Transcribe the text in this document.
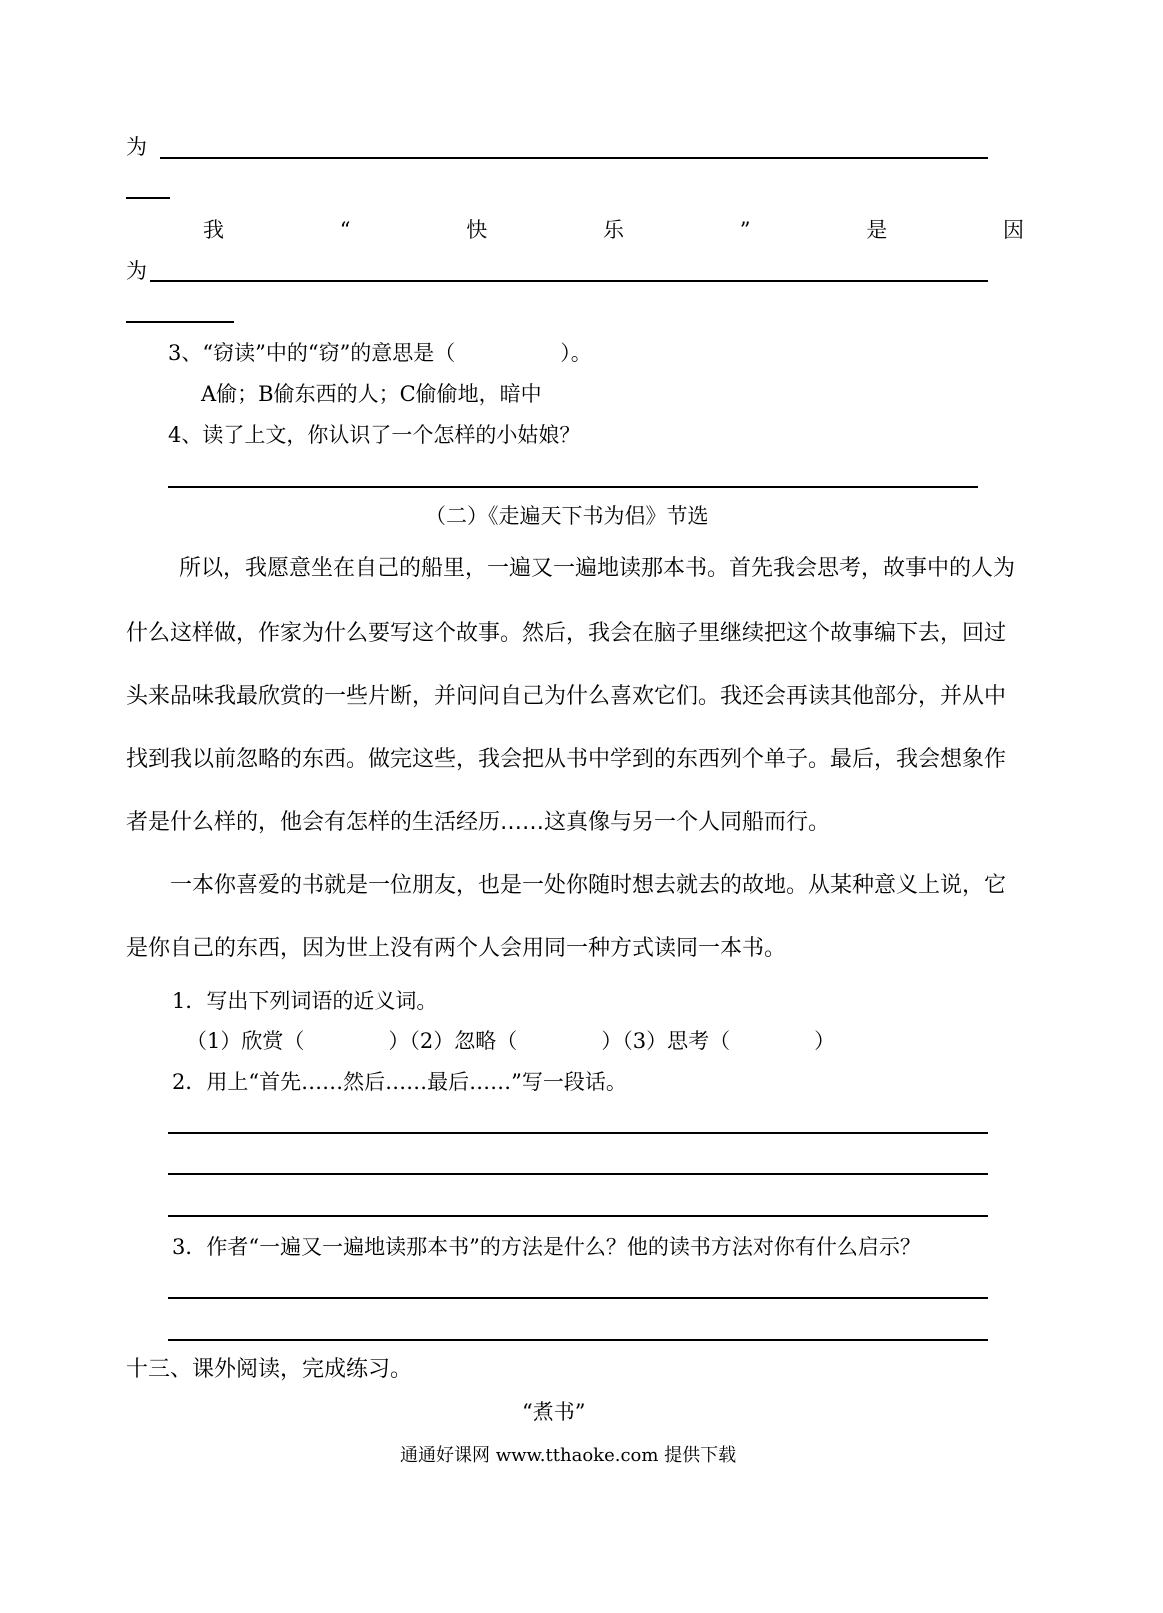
为
我	“	快	乐	”	是	因
为
3、“窃读”中的“窃”的意思是（　　　　　）。
A偷；B偷东西的人；C偷偷地，暗中
4、读了上文，你认识了一个怎样的小姑娘？
（二）《走遍天下书为侣》节选
所以，我愿意坐在自己的船里，一遍又一遍地读那本书。首先我会思考，故事中的人为
什么这样做，作家为什么要写这个故事。然后，我会在脑子里继续把这个故事编下去，回过
头来品味我最欣赏的一些片断，并问问自己为什么喜欢它们。我还会再读其他部分，并从中
找到我以前忽略的东西。做完这些，我会把从书中学到的东西列个单子。最后，我会想象作
者是什么样的，他会有怎样的生活经历……这真像与另一个人同船而行。
一本你喜爱的书就是一位朋友，也是一处你随时想去就去的故地。从某种意义上说，它
是你自己的东西，因为世上没有两个人会用同一种方式读同一本书。
1．写出下列词语的近义词。
（1）欣赏（　　　　）（2）忽略（　　　　）（3）思考（　　　　）
2．用上“首先……然后……最后……”写一段话。
3．作者“一遍又一遍地读那本书”的方法是什么？他的读书方法对你有什么启示？
十三、课外阅读，完成练习。
“煮书”
通通好课网 www.tthaoke.com 提供下载
